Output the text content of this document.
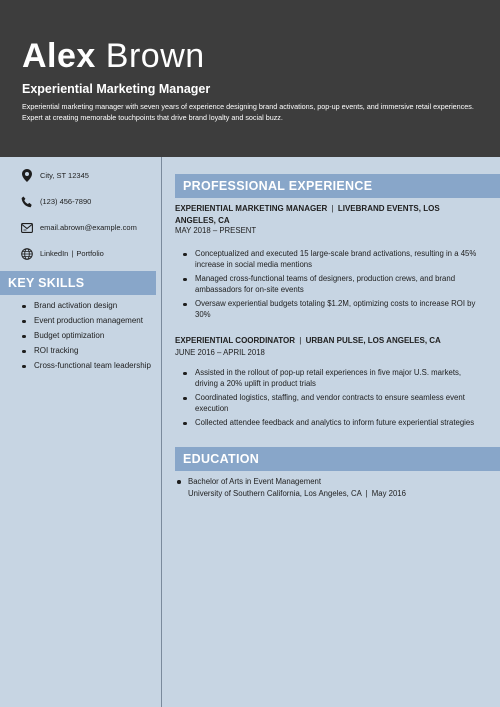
Alex Brown
Experiential Marketing Manager
Experiential marketing manager with seven years of experience designing brand activations, pop-up events, and immersive retail experiences. Expert at creating memorable touchpoints that drive brand loyalty and social buzz.
City, ST 12345
(123) 456-7890
email.abrown@example.com
LinkedIn | Portfolio
KEY SKILLS
Brand activation design
Event production management
Budget optimization
ROI tracking
Cross-functional team leadership
PROFESSIONAL EXPERIENCE
EXPERIENTIAL MARKETING MANAGER | LIVEBRAND EVENTS, LOS ANGELES, CA
MAY 2018 – PRESENT
Conceptualized and executed 15 large-scale brand activations, resulting in a 45% increase in social media mentions
Managed cross-functional teams of designers, production crews, and brand ambassadors for on-site events
Oversaw experiential budgets totaling $1.2M, optimizing costs to increase ROI by 30%
EXPERIENTIAL COORDINATOR | URBAN PULSE, LOS ANGELES, CA
JUNE 2016 – APRIL 2018
Assisted in the rollout of pop-up retail experiences in five major U.S. markets, driving a 20% uplift in product trials
Coordinated logistics, staffing, and vendor contracts to ensure seamless event execution
Collected attendee feedback and analytics to inform future experiential strategies
EDUCATION
Bachelor of Arts in Event Management
University of Southern California, Los Angeles, CA | May 2016
